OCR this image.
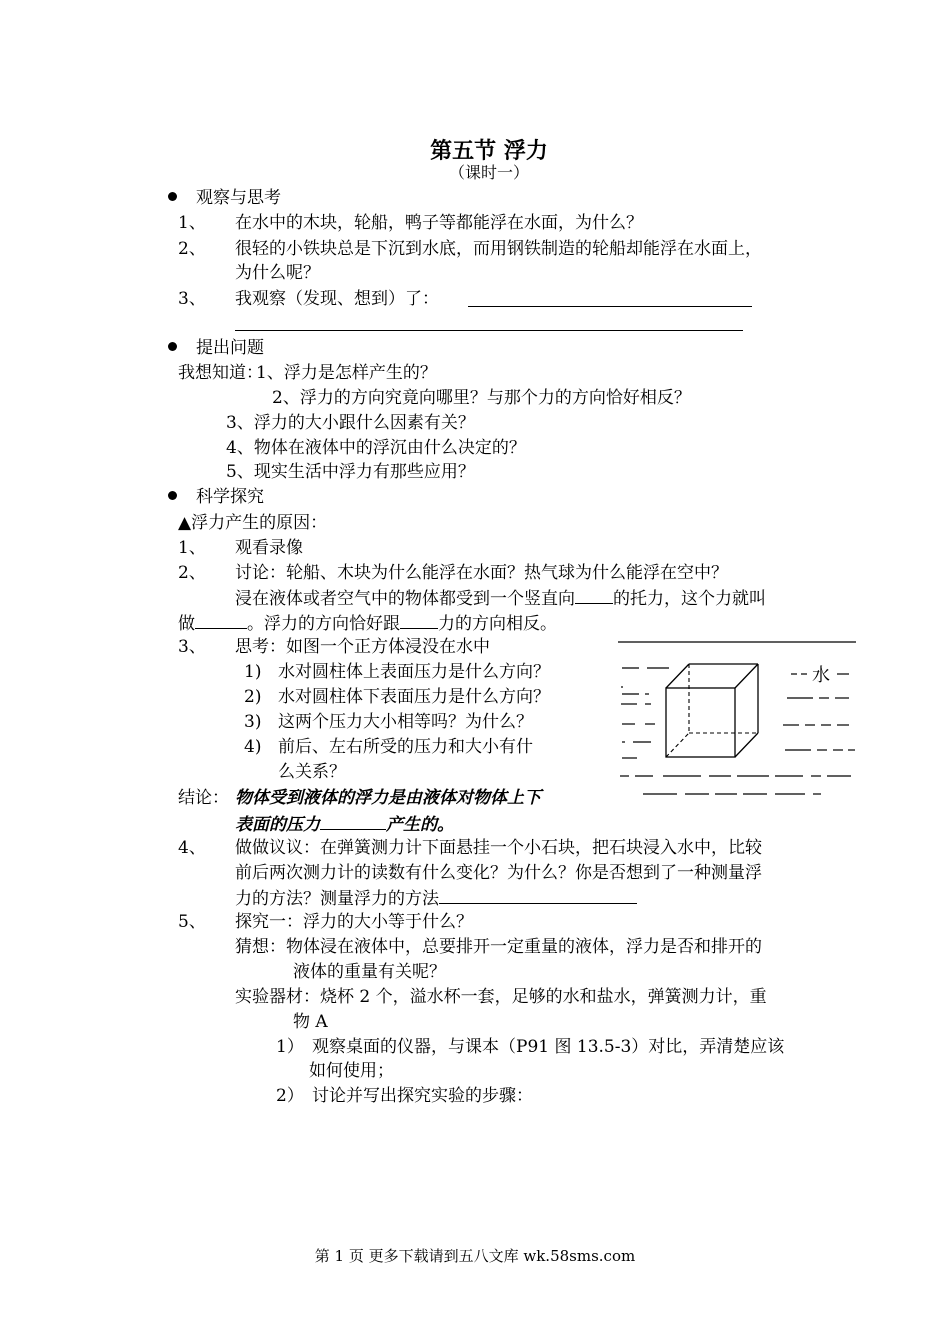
第五节 浮力
（课时一）
观察与思考
1、 在水中的木块，轮船，鸭子等都能浮在水面，为什么？
2、 很轻的小铁块总是下沉到水底，而用钢铁制造的轮船却能浮在水面上，
为什么呢？
3、 我观察（发现、想到）了：
提出问题
我想知道：
1、浮力是怎样产生的？
2、浮力的方向究竟向哪里？与那个力的方向恰好相反？
3、浮力的大小跟什么因素有关？
4、物体在液体中的浮沉由什么决定的？
5、现实生活中浮力有那些应用？
科学探究
▲浮力产生的原因：
1、 观看录像
2、 讨论：轮船、木块为什么能浮在水面？热气球为什么能浮在空中？
浸在液体或者空气中的物体都受到一个竖直向 的托力，这个力就叫
做	。浮力的方向恰好跟 力的方向相反。
3、 思考：如图一个正方体浸没在水中
1) 水对圆柱体上表面压力是什么方向？
2) 水对圆柱体下表面压力是什么方向？
3) 这两个压力大小相等吗？为什么？
4) 前后、左右所受的压力和大小有什
么关系？
水
结论： 物体受到液体的浮力是由液体对物体上下
表面的压力	产生的。
4、 做做议议：在弹簧测力计下面悬挂一个小石块，把石块浸入水中，比较
前后两次测力计的读数有什么变化？为什么？你是否想到了一种测量浮
力的方法？测量浮力的方法
5、 探究一：浮力的大小等于什么？
猜想：物体浸在液体中，总要排开一定重量的液体，浮力是否和排开的
液体的重量有关呢？
实验器材：烧杯 2 个，溢水杯一套，足够的水和盐水，弹簧测力计，重
物 A
1） 观察桌面的仪器，与课本（P91 图 13.5-3）对比，弄清楚应该
如何使用；
2） 讨论并写出探究实验的步骤：
第 1 页 更多下载请到五八文库 wk.58sms.com
